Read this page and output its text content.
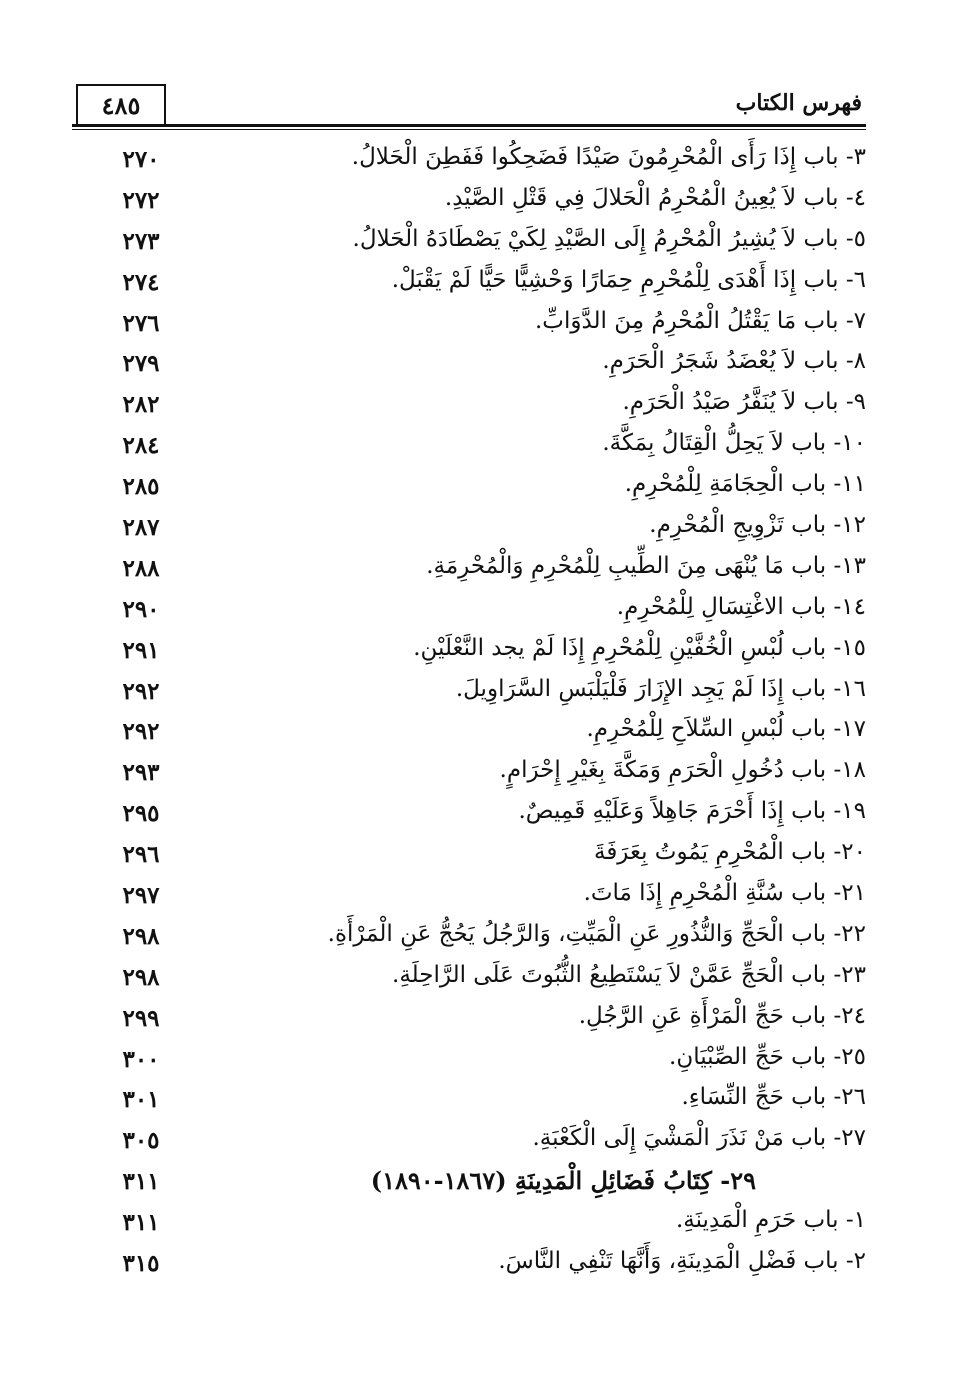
٤٨٥	فهرس الكتاب
٣- باب إِذَا رَأَى الْمُحْرِمُونَ صَيْدًا فَضَحِكُوا فَفَطِنَ الْحَلالُ.
٢٧٠
٤- باب لاَ يُعِينُ الْمُحْرِمُ الْحَلالَ فِي قَتْلِ الصَّيْدِ.
٢٧٢
٥- باب لاَ يُشِيرُ الْمُحْرِمُ إِلَى الصَّيْدِ لِكَيْ يَصْطَادَهُ الْحَلالُ.
٢٧٣
٦- باب إِذَا أَهْدَى لِلْمُحْرِمِ حِمَارًا وَحْشِيًّا حَيًّا لَمْ يَقْبَلْ.
٢٧٤
٧- باب مَا يَقْتُلُ الْمُحْرِمُ مِنَ الدَّوَابِّ.
٢٧٦
٨- باب لاَ يُعْضَدُ شَجَرُ الْحَرَمِ.
٢٧٩
٩- باب لاَ يُنَفَّرُ صَيْدُ الْحَرَمِ.
٢٨٢
١٠- باب لاَ يَحِلُّ الْقِتَالُ بِمَكَّةَ.
٢٨٤
١١- باب الْحِجَامَةِ لِلْمُحْرِمِ.
٢٨٥
١٢- باب تَزْوِيجِ الْمُحْرِمِ.
٢٨٧
١٣- باب مَا يُنْهَى مِنَ الطِّيبِ لِلْمُحْرِمِ وَالْمُحْرِمَةِ.
٢٨٨
١٤- باب الاغْتِسَالِ لِلْمُحْرِمِ.
٢٩٠
١٥- باب لُبْسِ الْخُفَّيْنِ لِلْمُحْرِمِ إِذَا لَمْ يجد النَّعْلَيْنِ.
٢٩١
١٦- باب إِذَا لَمْ يَجِد الإِزَارَ فَلْيَلْبَسِ السَّرَاوِيلَ.
٢٩٢
١٧- باب لُبْسِ السِّلاَحِ لِلْمُحْرِمِ.
٢٩٢
١٨- باب دُخُولِ الْحَرَمِ وَمَكَّةَ بِغَيْرِ إِحْرَامٍ.
٢٩٣
١٩- باب إِذَا أَحْرَمَ جَاهِلاً وَعَلَيْهِ قَمِيصٌ.
٢٩٥
٢٠- باب الْمُحْرِمِ يَمُوتُ بِعَرَفَةَ
٢٩٦
٢١- باب سُنَّةِ الْمُحْرِمِ إِذَا مَاتَ.
٢٩٧
٢٢- باب الْحَجِّ وَالنُّذُورِ عَنِ الْمَيِّتِ، وَالرَّجُلُ يَحُجُّ عَنِ الْمَرْأَةِ.
٢٩٨
٢٣- باب الْحَجِّ عَمَّنْ لاَ يَسْتَطِيعُ الثُّبُوتَ عَلَى الرَّاحِلَةِ.
٢٩٨
٢٤- باب حَجِّ الْمَرْأَةِ عَنِ الرَّجُلِ.
٢٩٩
٢٥- باب حَجِّ الصِّبْيَانِ.
٣٠٠
٢٦- باب حَجِّ النِّسَاءِ.
٣٠١
٢٧- باب مَنْ نَذَرَ الْمَشْيَ إِلَى الْكَعْبَةِ.
٣٠٥
٢٩- كِتَابُ فَضَائِلِ الْمَدِينَةِ (١٨٦٧-١٨٩٠)
٣١١
١- باب حَرَمِ الْمَدِينَةِ.
٣١١
٢- باب فَضْلِ الْمَدِينَةِ، وَأَنَّهَا تَنْفِي النَّاسَ.
٣١٥
